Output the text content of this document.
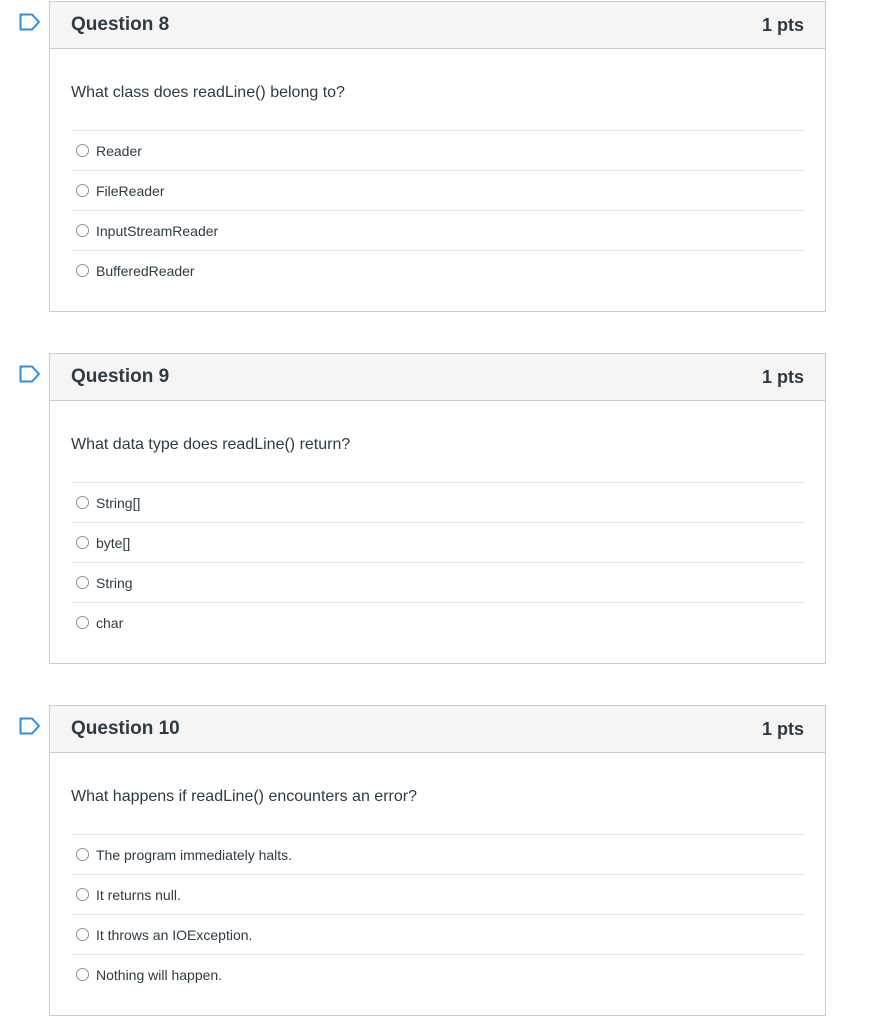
Question 8	1 pts

What class does readLine() belong to?

Reader
FileReader
InputStreamReader
BufferedReader
Question 9	1 pts

What data type does readLine() return?

String[]
byte[]
String
char
Question 10	1 pts

What happens if readLine() encounters an error?

The program immediately halts.
It returns null.
It throws an IOException.
Nothing will happen.
